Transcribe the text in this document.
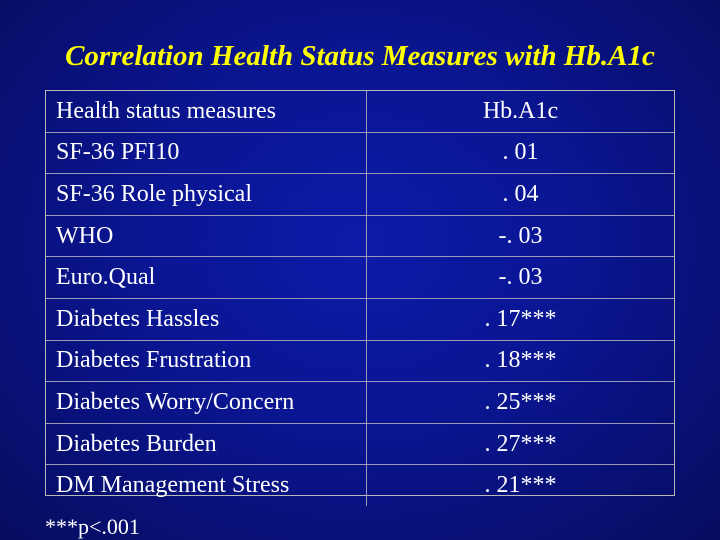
Correlation Health Status Measures with Hb.A1c
Health status measures	Hb.A1c
SF-36 PFI10	. 01
SF-36 Role physical	. 04
WHO	-. 03
Euro.Qual	-. 03
Diabetes Hassles	. 17***
Diabetes Frustration	. 18***
Diabetes Worry/Concern	. 25***
Diabetes Burden	. 27***
DM Management Stress	. 21***
***p<.001
